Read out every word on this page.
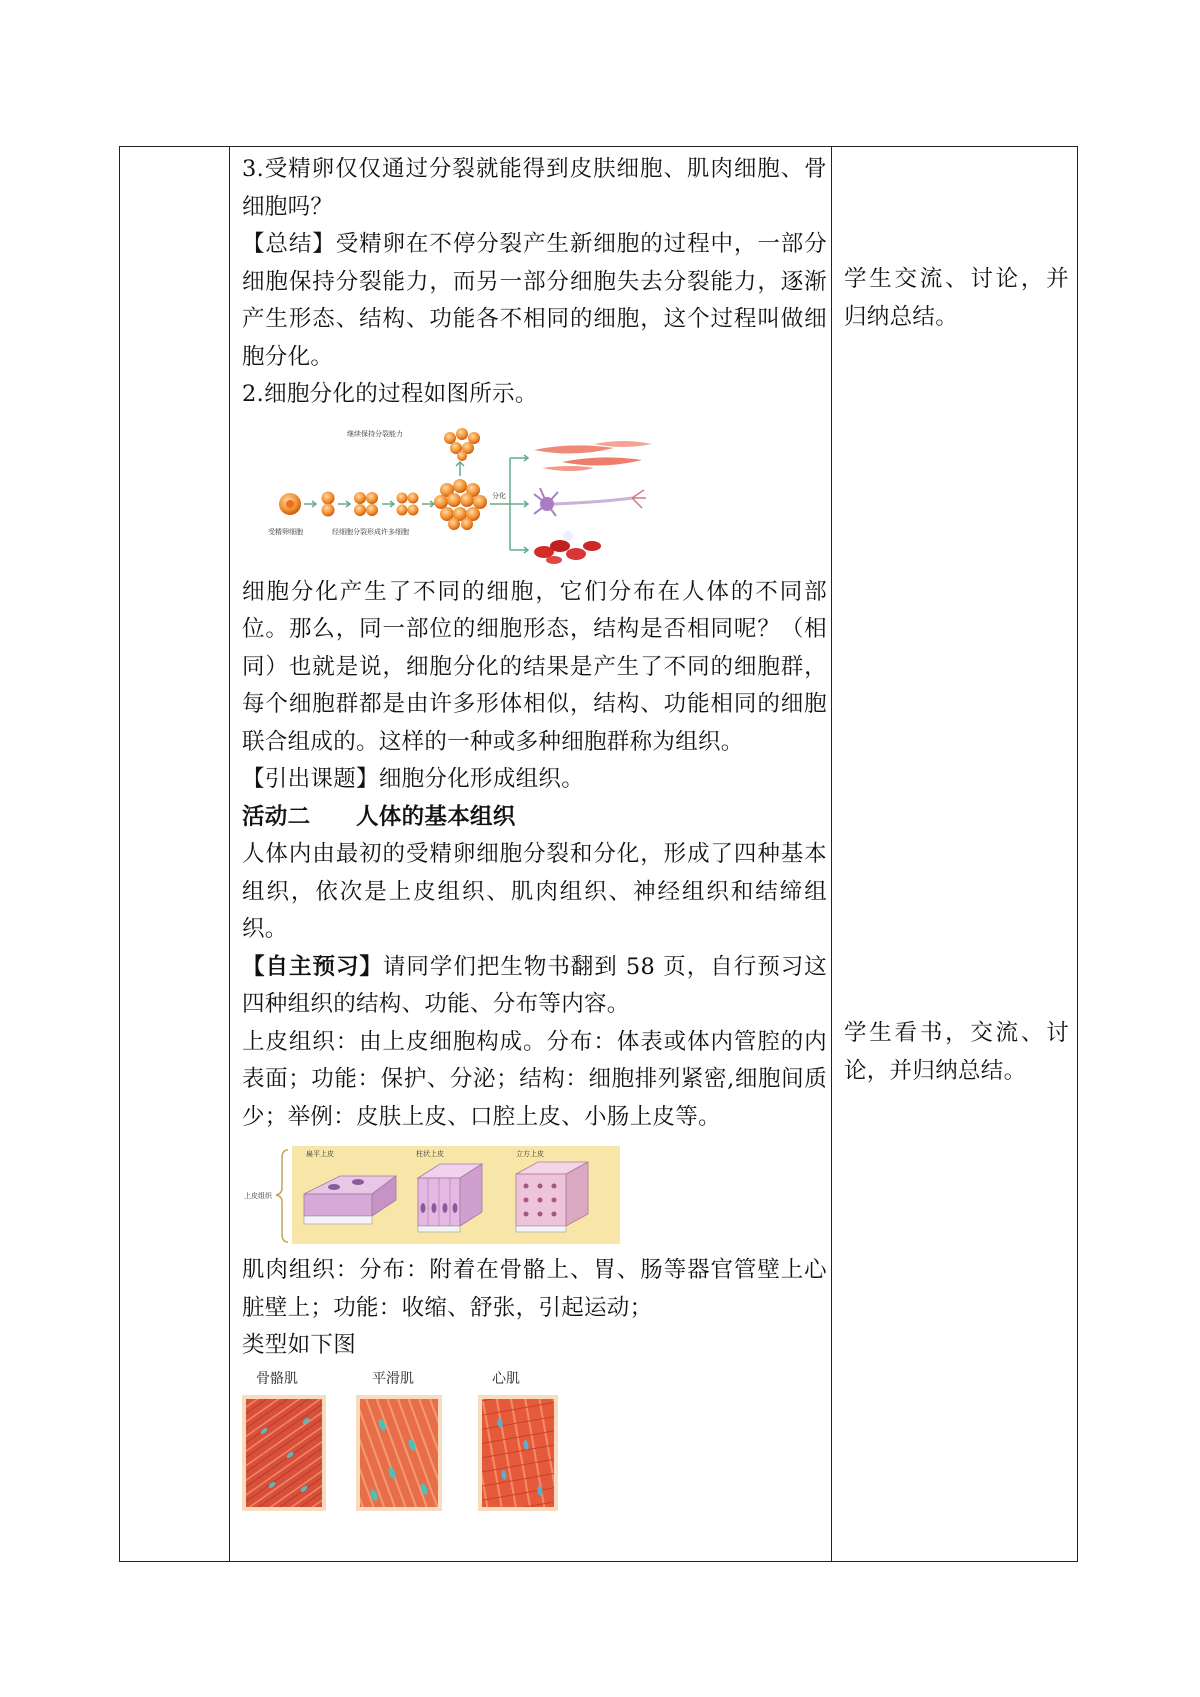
3.受精卵仅仅通过分裂就能得到皮肤细胞、肌肉细胞、骨细胞吗？

【总结】受精卵在不停分裂产生新细胞的过程中，一部分细胞保持分裂能力，而另一部分细胞失去分裂能力，逐渐产生形态、结构、功能各不相同的细胞，这个过程叫做细胞分化。

2.细胞分化的过程如图所示。

继续保持分裂能力
分化
受精卵细胞	经细胞分裂形成许多细胞

细胞分化产生了不同的细胞，它们分布在人体的不同部位。那么，同一部位的细胞形态，结构是否相同呢？（相同）也就是说，细胞分化的结果是产生了不同的细胞群，每个细胞群都是由许多形体相似，结构、功能相同的细胞联合组成的。这样的一种或多种细胞群称为组织。

【引出课题】细胞分化形成组织。

活动二　　人体的基本组织

人体内由最初的受精卵细胞分裂和分化，形成了四种基本组织，依次是上皮组织、肌肉组织、神经组织和结缔组织。

【自主预习】请同学们把生物书翻到 58 页，自行预习这四种组织的结构、功能、分布等内容。

上皮组织：由上皮细胞构成。分布：体表或体内管腔的内表面；功能：保护、分泌；结构：细胞排列紧密,细胞间质少；举例：皮肤上皮、口腔上皮、小肠上皮等。

上皮组织
扁平上皮	柱状上皮	立方上皮

肌肉组织：分布：附着在骨骼上、胃、肠等器官管壁上心脏壁上；功能：收缩、舒张，引起运动；

类型如下图

骨骼肌	平滑肌	心肌

学生交流、讨论，并归纳总结。

学生看书，交流、讨论，并归纳总结。
